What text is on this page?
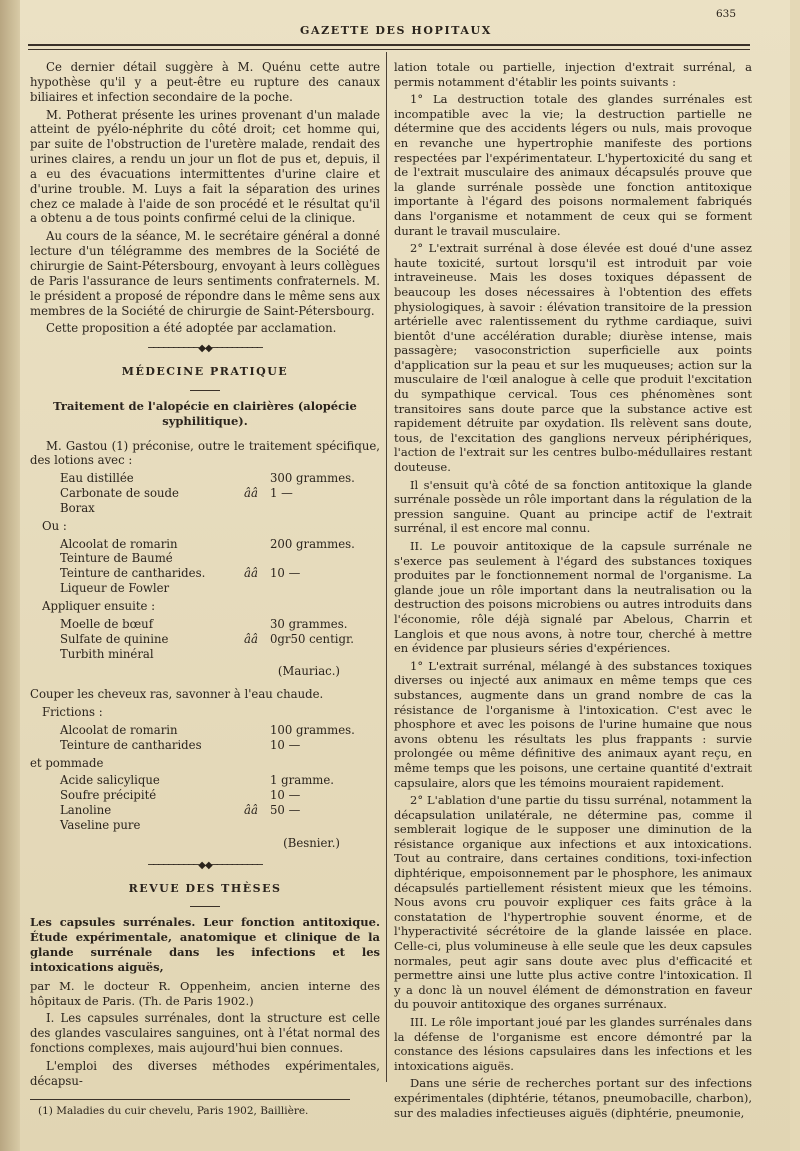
635
GAZETTE DES HOPITAUX

Ce dernier détail suggère à M. Quénu cette autre hypothèse qu'il y a peut-être eu rupture des canaux biliaires et infection secondaire de la poche.

M. Potherat présente les urines provenant d'un malade atteint de pyélo-néphrite du côté droit; cet homme qui, par suite de l'obstruction de l'uretère malade, rendait des urines claires, a rendu un jour un flot de pus et, depuis, il a eu des évacuations intermittentes d'urine claire et d'urine trouble. M. Luys a fait la séparation des urines chez ce malade à l'aide de son procédé et le résultat qu'il a obtenu a de tous points confirmé celui de la clinique.

Au cours de la séance, M. le secrétaire général a donné lecture d'un télégramme des membres de la Société de chirurgie de Saint-Pétersbourg, envoyant à leurs collègues de Paris l'assurance de leurs sentiments confraternels. M. le président a proposé de répondre dans le même sens aux membres de la Société de chirurgie de Saint-Pétersbourg.

Cette proposition a été adoptée par acclamation.

──────────◆◆──────────
MÉDECINE PRATIQUE
Traitement de l'alopécie en clairières (alopécie syphilitique).

M. Gastou (1) préconise, outre le traitement spécifique, des lotions avec :

Eau distillée		300 grammes.
Carbonate de soude	ââ	1 —
Borax		

Ou :

Alcoolat de romarin		200 grammes.
Teinture de Baumé		
Teinture de cantharides.	ââ	10 —
Liqueur de Fowler		

Appliquer ensuite :

Moelle de bœuf		30 grammes.
Sulfate de quinine	ââ	0gr50 centigr.
Turbith minéral		
(Mauriac.)

Couper les cheveux ras, savonner à l'eau chaude.

Frictions :

Alcoolat de romarin		100 grammes.
Teinture de cantharides		10 —

et pommade

Acide salicylique		1 gramme.
Soufre précipité		10 —
Lanoline	ââ	50 —
Vaseline pure		
(Besnier.)
──────────◆◆──────────
REVUE DES THÈSES

Les capsules surrénales. Leur fonction antitoxique. Étude expérimentale, anatomique et clinique de la glande surrénale dans les infections et les intoxications aiguës,

par M. le docteur R. Oppenheim, ancien interne des hôpitaux de Paris. (Th. de Paris 1902.)

I. Les capsules surrénales, dont la structure est celle des glandes vasculaires sanguines, ont à l'état normal des fonctions complexes, mais aujourd'hui bien connues.

L'emploi des diverses méthodes expérimentales, décapsu-

(1) Maladies du cuir chevelu, Paris 1902, Baillière.

lation totale ou partielle, injection d'extrait surrénal, a permis notamment d'établir les points suivants :

1° La destruction totale des glandes surrénales est incompatible avec la vie; la destruction partielle ne détermine que des accidents légers ou nuls, mais provoque en revanche une hypertrophie manifeste des portions respectées par l'expérimentateur. L'hypertoxicité du sang et de l'extrait musculaire des animaux décapsulés prouve que la glande surrénale possède une fonction antitoxique importante à l'égard des poisons normalement fabriqués dans l'organisme et notamment de ceux qui se forment durant le travail musculaire.

2° L'extrait surrénal à dose élevée est doué d'une assez haute toxicité, surtout lorsqu'il est introduit par voie intraveineuse. Mais les doses toxiques dépassent de beaucoup les doses nécessaires à l'obtention des effets physiologiques, à savoir : élévation transitoire de la pression artérielle avec ralentissement du rythme cardiaque, suivi bientôt d'une accélération durable; diurèse intense, mais passagère; vasoconstriction superficielle aux points d'application sur la peau et sur les muqueuses; action sur la musculaire de l'œil analogue à celle que produit l'excitation du sympathique cervical. Tous ces phénomènes sont transitoires sans doute parce que la substance active est rapidement détruite par oxydation. Ils relèvent sans doute, tous, de l'excitation des ganglions nerveux périphériques, l'action de l'extrait sur les centres bulbo-médullaires restant douteuse.

Il s'ensuit qu'à côté de sa fonction antitoxique la glande surrénale possède un rôle important dans la régulation de la pression sanguine. Quant au principe actif de l'extrait surrénal, il est encore mal connu.

II. Le pouvoir antitoxique de la capsule surrénale ne s'exerce pas seulement à l'égard des substances toxiques produites par le fonctionnement normal de l'organisme. La glande joue un rôle important dans la neutralisation ou la destruction des poisons microbiens ou autres introduits dans l'économie, rôle déjà signalé par Abelous, Charrin et Langlois et que nous avons, à notre tour, cherché à mettre en évidence par plusieurs séries d'expériences.

1° L'extrait surrénal, mélangé à des substances toxiques diverses ou injecté aux animaux en même temps que ces substances, augmente dans un grand nombre de cas la résistance de l'organisme à l'intoxication. C'est avec le phosphore et avec les poisons de l'urine humaine que nous avons obtenu les résultats les plus frappants : survie prolongée ou même définitive des animaux ayant reçu, en même temps que les poisons, une certaine quantité d'extrait capsulaire, alors que les témoins mouraient rapidement.

2° L'ablation d'une partie du tissu surrénal, notamment la décapsulation unilatérale, ne détermine pas, comme il semblerait logique de le supposer une diminution de la résistance organique aux infections et aux intoxications. Tout au contraire, dans certaines conditions, toxi-infection diphtérique, empoisonnement par le phosphore, les animaux décapsulés partiellement résistent mieux que les témoins. Nous avons cru pouvoir expliquer ces faits grâce à la constatation de l'hypertrophie souvent énorme, et de l'hyperactivité sécrétoire de la glande laissée en place. Celle-ci, plus volumineuse à elle seule que les deux capsules normales, peut agir sans doute avec plus d'efficacité et permettre ainsi une lutte plus active contre l'intoxication. Il y a donc là un nouvel élément de démonstration en faveur du pouvoir antitoxique des organes surrénaux.

III. Le rôle important joué par les glandes surrénales dans la défense de l'organisme est encore démontré par la constance des lésions capsulaires dans les infections et les intoxications aiguës.

Dans une série de recherches portant sur des infections expérimentales (diphtérie, tétanos, pneumobacille, charbon), sur des maladies infectieuses aiguës (diphtérie, pneumonie,
